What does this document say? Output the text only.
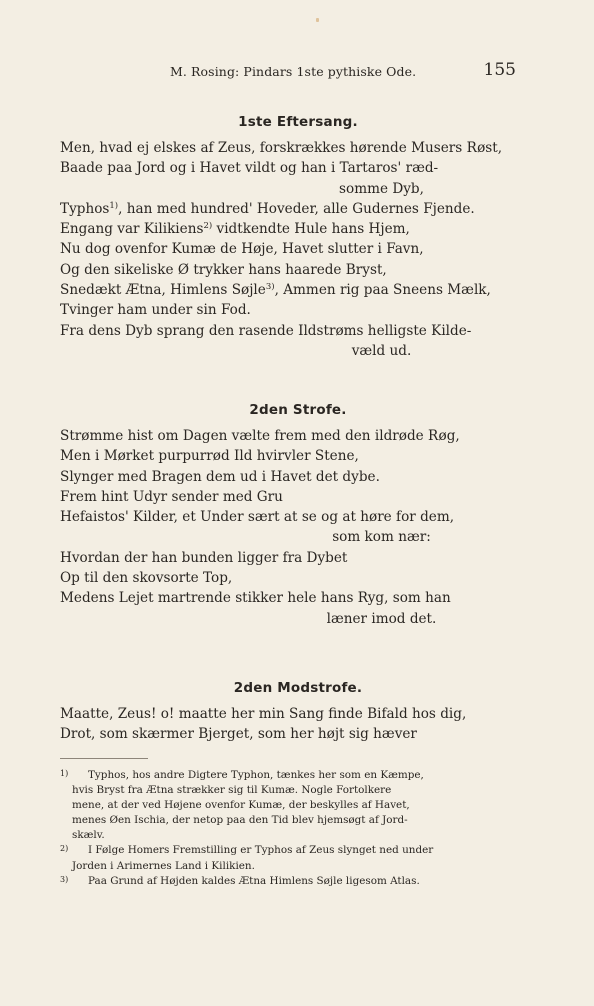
M. Rosing: Pindars 1ste pythiske Ode.	155
1ste Eftersang.
Men, hvad ej elskes af Zeus, forskrækkes hørende Musers Røst,
Baade paa Jord og i Havet vildt og han i Tartaros' ræd-
somme Dyb,
Typhos$^{1)}$, han med hundred' Hoveder, alle Gudernes Fjende.
Engang var Kilikiens$^{2)}$ vidtkendte Hule hans Hjem,
Nu dog ovenfor Kumæ de Høje, Havet slutter i Favn,
Og den sikeliske Ø trykker hans haarede Bryst,
Snedækt Ætna, Himlens Søjle$^{3)}$, Ammen rig paa Sneens Mælk,
Tvinger ham under sin Fod.
Fra dens Dyb sprang den rasende Ildstrøms helligste Kilde-
væld ud.
2den Strofe.
Strømme hist om Dagen vælte frem med den ildrøde Røg,
Men i Mørket purpurrød Ild hvirvler Stene,
Slynger med Bragen dem ud i Havet det dybe.
Frem hint Udyr sender med Gru
Hefaistos' Kilder, et Under sært at se og at høre for dem,
som kom nær:
Hvordan der han bunden ligger fra Dybet
Op til den skovsorte Top,
Medens Lejet martrende stikker hele hans Ryg, som han
læner imod det.
2den Modstrofe.
Maatte, Zeus! o! maatte her min Sang finde Bifald hos dig,
Drot, som skærmer Bjerget, som her højt sig hæver
1) Typhos, hos andre Digtere Typhon, tænkes her som en Kæmpe,
hvis Bryst fra Ætna strækker sig til Kumæ. Nogle Fortolkere
mene, at der ved Højene ovenfor Kumæ, der beskylles af Havet,
menes Øen Ischia, der netop paa den Tid blev hjemsøgt af Jord-
skælv.
2) I Følge Homers Fremstilling er Typhos af Zeus slynget ned under
Jorden i Arimernes Land i Kilikien.
3) Paa Grund af Højden kaldes Ætna Himlens Søjle ligesom Atlas.
